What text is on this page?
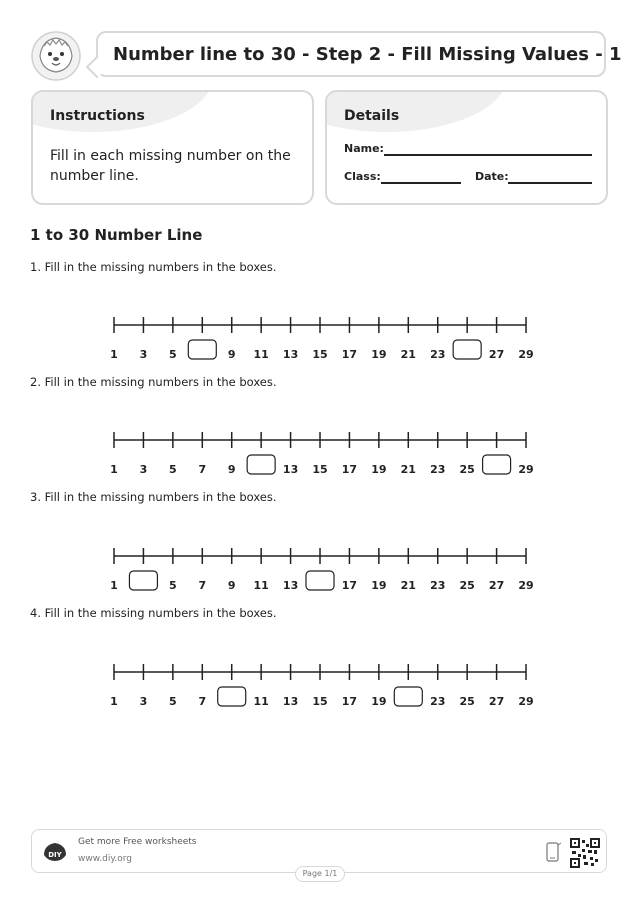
Number line to 30 - Step 2 - Fill Missing Values - 1
Instructions
Fill in each missing number on the number line.
Details
Name:
Class:	Date:
1 to 30 Number Line
1. Fill in the missing numbers in the boxes.
1 3 5	9 11 13 15 17 19 21 23	27 29
2. Fill in the missing numbers in the boxes.
1 3 5 7 9	13 15 17 19 21 23 25	29
3. Fill in the missing numbers in the boxes.
1	5 7 9 11 13	17 19 21 23 25 27 29
4. Fill in the missing numbers in the boxes.
1 3 5 7	11 13 15 17 19	23 25 27 29
DIY
Get more Free worksheets
www.diy.org
Page 1/1
